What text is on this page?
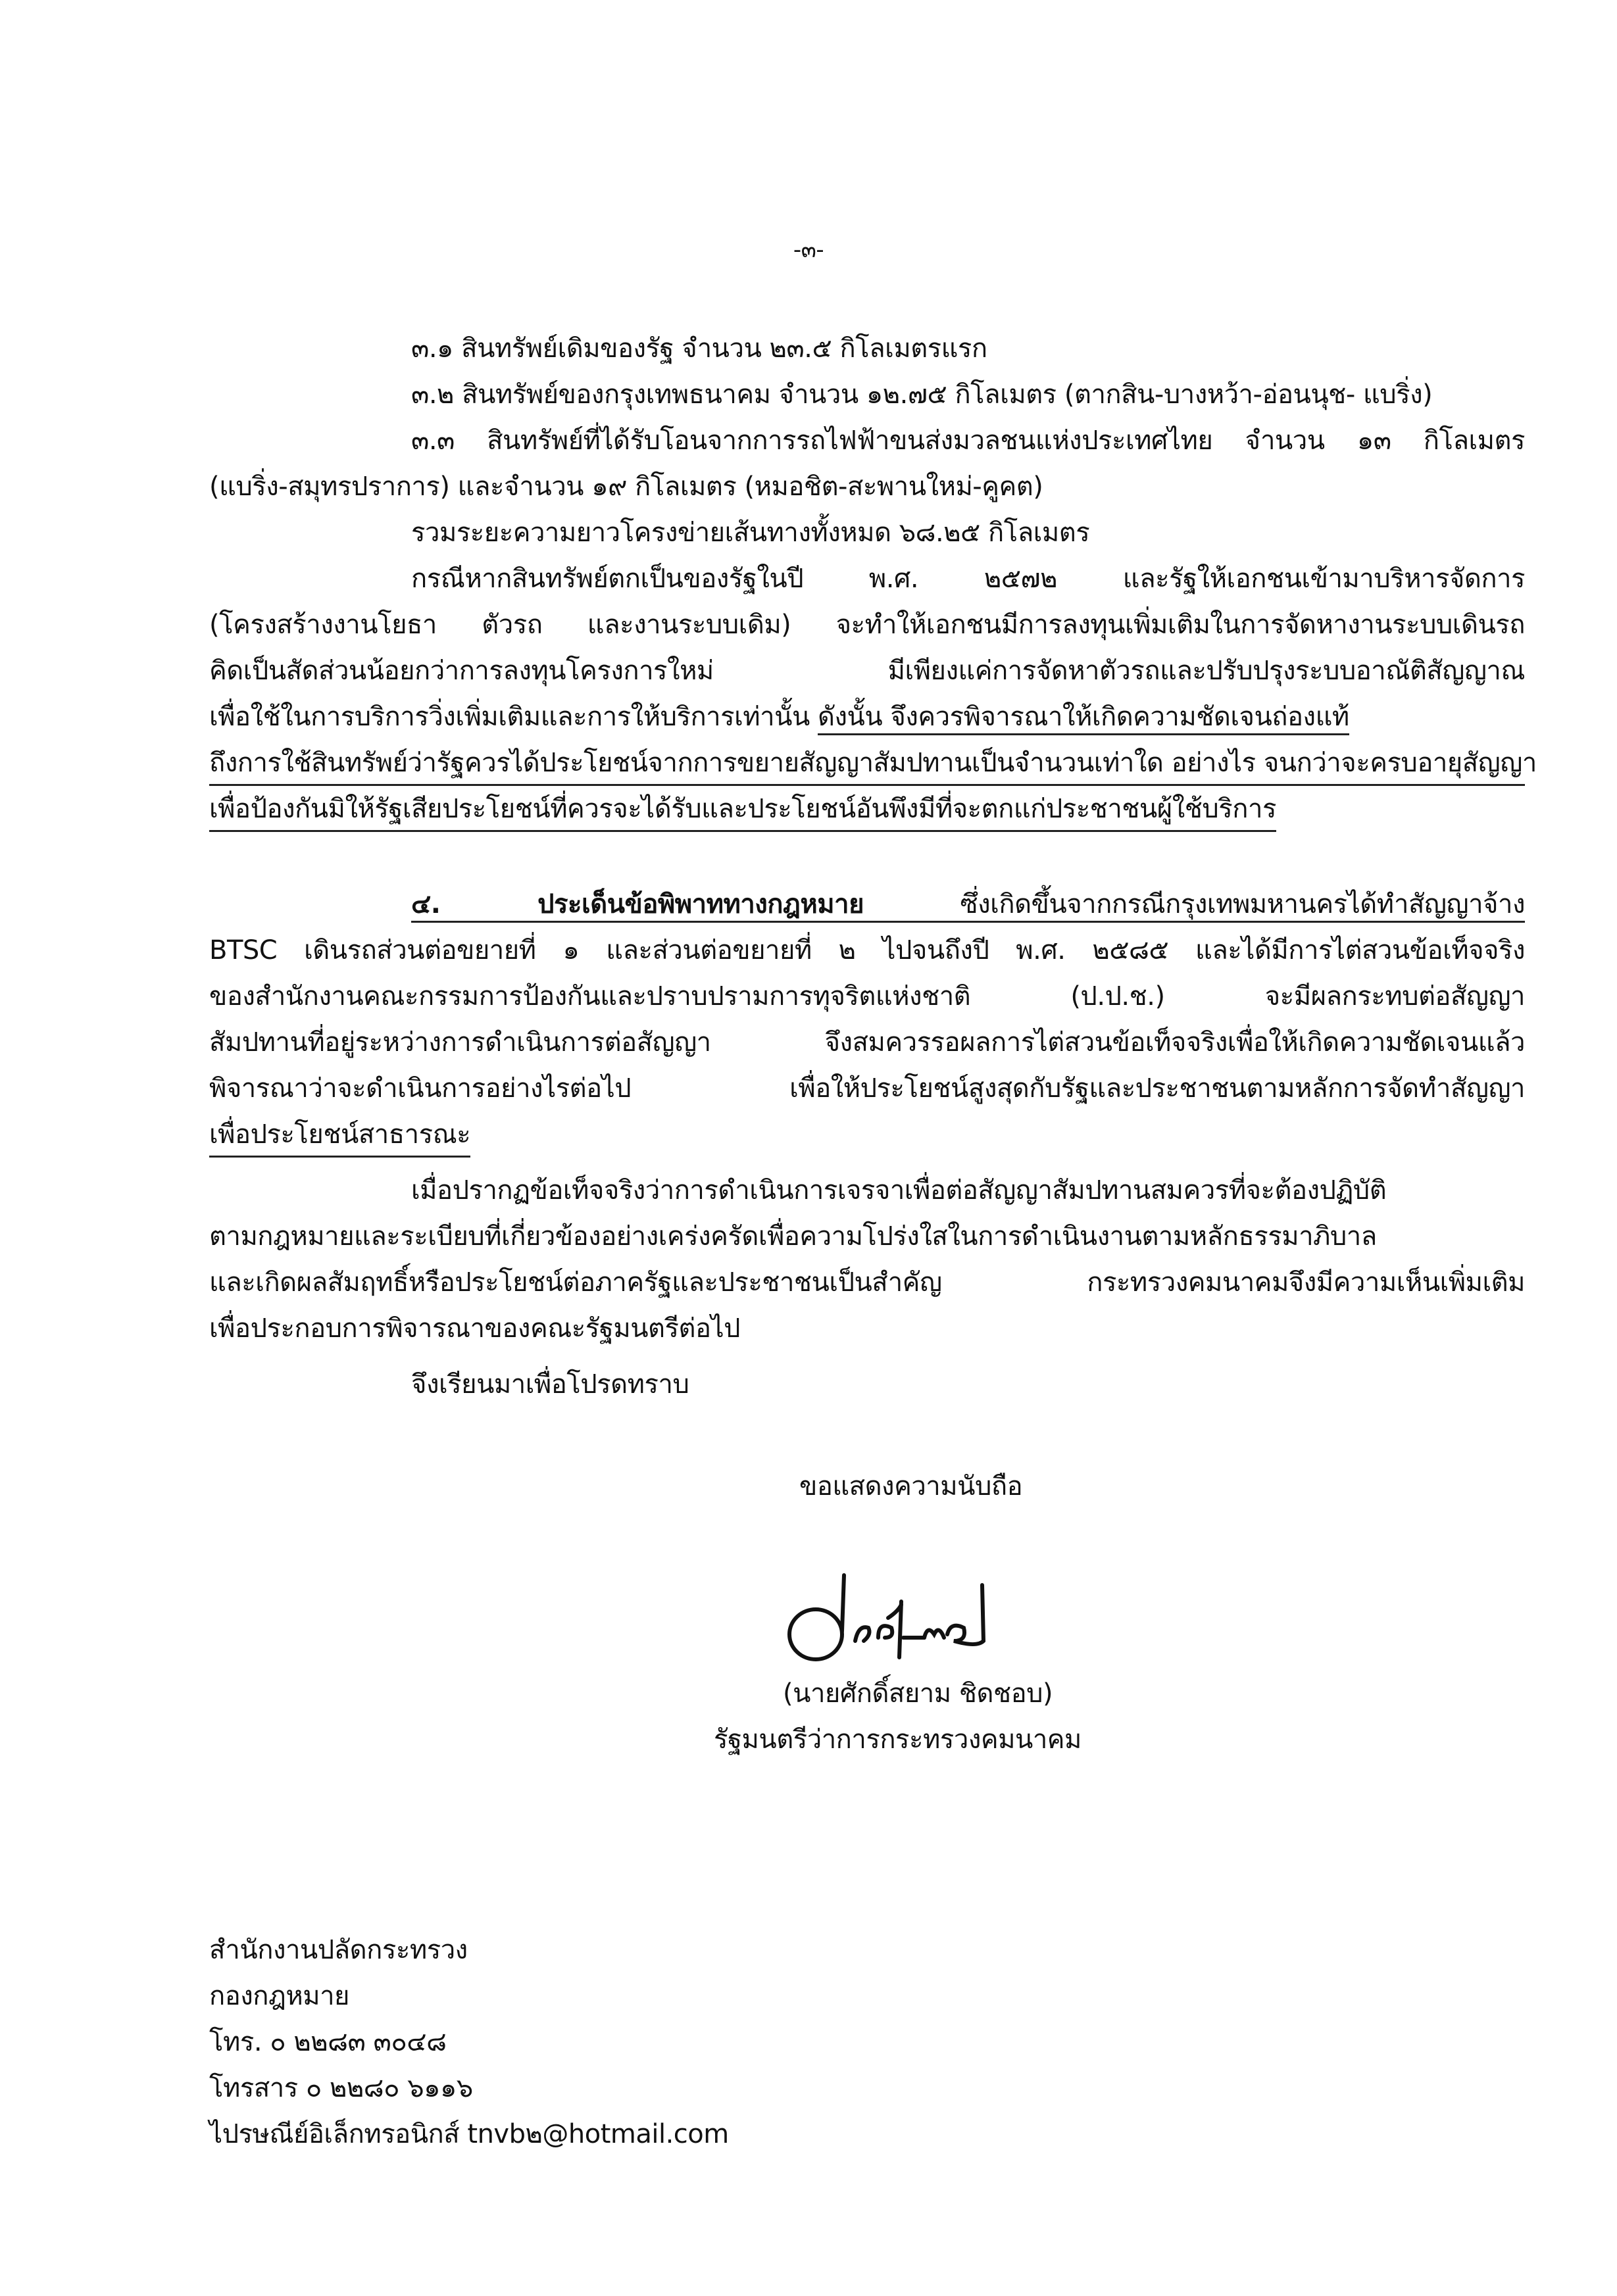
-๓-
๓.๑ สินทรัพย์เดิมของรัฐ จำนวน ๒๓.๕ กิโลเมตรแรก
๓.๒ สินทรัพย์ของกรุงเทพธนาคม จำนวน ๑๒.๗๕ กิโลเมตร (ตากสิน-บางหว้า-อ่อนนุช- แบริ่ง)
๓.๓ สินทรัพย์ที่ได้รับโอนจากการรถไฟฟ้าขนส่งมวลชนแห่งประเทศไทย จำนวน ๑๓ กิโลเมตร
(แบริ่ง-สมุทรปราการ) และจำนวน ๑๙ กิโลเมตร (หมอชิต-สะพานใหม่-คูคต)
รวมระยะความยาวโครงข่ายเส้นทางทั้งหมด ๖๘.๒๕ กิโลเมตร
กรณีหากสินทรัพย์ตกเป็นของรัฐในปี พ.ศ. ๒๕๗๒ และรัฐให้เอกชนเข้ามาบริหารจัดการ
(โครงสร้างงานโยธา ตัวรถ และงานระบบเดิม) จะทำให้เอกชนมีการลงทุนเพิ่มเติมในการจัดหางานระบบเดินรถ
คิดเป็นสัดส่วนน้อยกว่าการลงทุนโครงการใหม่ มีเพียงแค่การจัดหาตัวรถและปรับปรุงระบบอาณัติสัญญาณ
เพื่อใช้ในการบริการวิ่งเพิ่มเติมและการให้บริการเท่านั้น ดังนั้น จึงควรพิจารณาให้เกิดความชัดเจนถ่องแท้
ถึงการใช้สินทรัพย์ว่ารัฐควรได้ประโยชน์จากการขยายสัญญาสัมปทานเป็นจำนวนเท่าใด อย่างไร จนกว่าจะครบอายุสัญญา
เพื่อป้องกันมิให้รัฐเสียประโยชน์ที่ควรจะได้รับและประโยชน์อันพึงมีที่จะตกแก่ประชาชนผู้ใช้บริการ
๔. ประเด็นข้อพิพาททางกฎหมาย ซึ่งเกิดขึ้นจากกรณีกรุงเทพมหานครได้ทำสัญญาจ้าง
BTSC เดินรถส่วนต่อขยายที่ ๑ และส่วนต่อขยายที่ ๒ ไปจนถึงปี พ.ศ. ๒๕๘๕ และได้มีการไต่สวนข้อเท็จจริง
ของสำนักงานคณะกรรมการป้องกันและปราบปรามการทุจริตแห่งชาติ (ป.ป.ช.) จะมีผลกระทบต่อสัญญา
สัมปทานที่อยู่ระหว่างการดำเนินการต่อสัญญา จึงสมควรรอผลการไต่สวนข้อเท็จจริงเพื่อให้เกิดความชัดเจนแล้ว
พิจารณาว่าจะดำเนินการอย่างไรต่อไป เพื่อให้ประโยชน์สูงสุดกับรัฐและประชาชนตามหลักการจัดทำสัญญา
เพื่อประโยชน์สาธารณะ
เมื่อปรากฏข้อเท็จจริงว่าการดำเนินการเจรจาเพื่อต่อสัญญาสัมปทานสมควรที่จะต้องปฏิบัติ
ตามกฎหมายและระเบียบที่เกี่ยวข้องอย่างเคร่งครัดเพื่อความโปร่งใสในการดำเนินงานตามหลักธรรมาภิบาล
และเกิดผลสัมฤทธิ์หรือประโยชน์ต่อภาครัฐและประชาชนเป็นสำคัญ กระทรวงคมนาคมจึงมีความเห็นเพิ่มเติม
เพื่อประกอบการพิจารณาของคณะรัฐมนตรีต่อไป
จึงเรียนมาเพื่อโปรดทราบ
ขอแสดงความนับถือ
(นายศักดิ์สยาม ชิดชอบ)
รัฐมนตรีว่าการกระทรวงคมนาคม
สำนักงานปลัดกระทรวง
กองกฎหมาย
โทร. ๐ ๒๒๘๓ ๓๐๔๘
โทรสาร ๐ ๒๒๘๐ ๖๑๑๖
ไปรษณีย์อิเล็กทรอนิกส์ tnvb๒@hotmail.com
